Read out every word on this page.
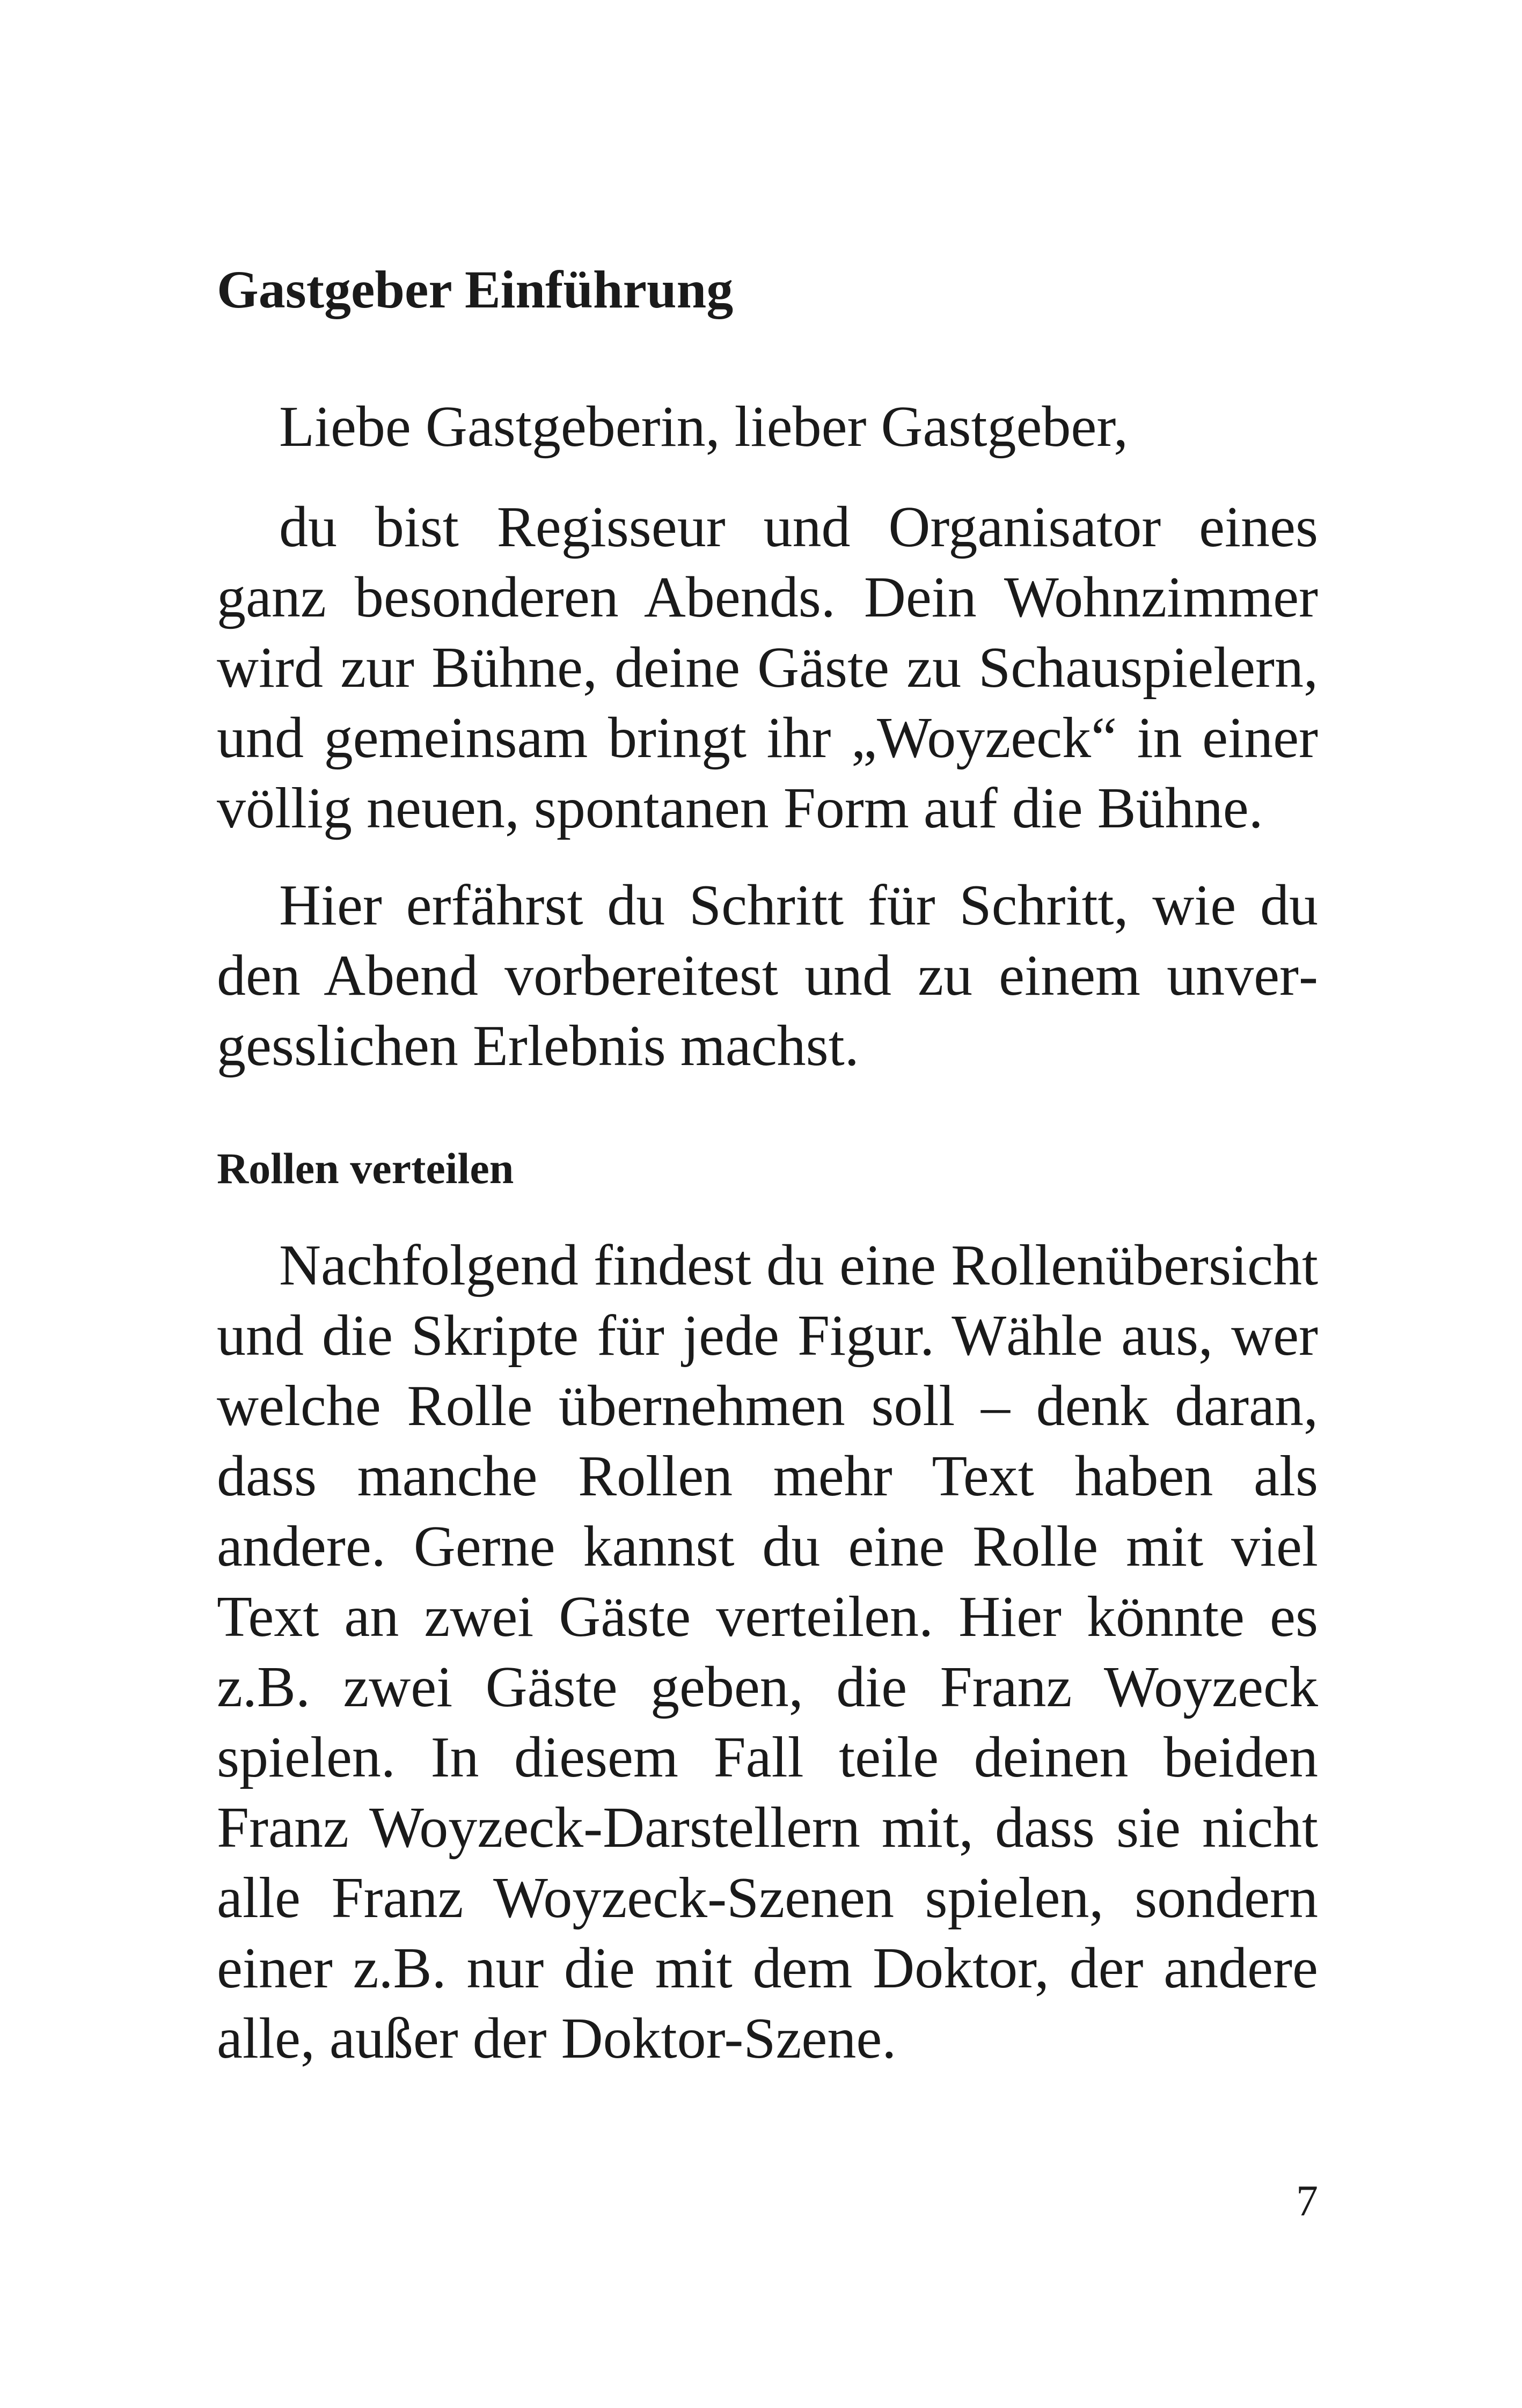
Gastgeber Einführung

Liebe Gastgeberin, lieber Gastgeber,

du bist Regisseur und Organisator eines ganz besonderen Abends. Dein Wohnzimmer wird zur Bühne, deine Gäste zu Schauspielern, und gemeinsam bringt ihr „Woyzeck“ in einer völlig neuen, spontanen Form auf die Bühne.

Hier erfährst du Schritt für Schritt, wie du den Abend vorbereitest und zu einem unvergesslichen Erlebnis machst.

Rollen verteilen

Nachfolgend findest du eine Rollenübersicht und die Skripte für jede Figur. Wähle aus, wer welche Rolle übernehmen soll – denk daran, dass manche Rollen mehr Text haben als andere. Gerne kannst du eine Rolle mit viel Text an zwei Gäste verteilen. Hier könnte es z.B. zwei Gäste geben, die Franz Woyzeck spielen. In diesem Fall teile deinen beiden Franz Woyzeck-Darstellern mit, dass sie nicht alle Franz Woyzeck-Szenen spielen, sondern einer z.B. nur die mit dem Doktor, der andere alle, außer der Doktor-Szene.

7
